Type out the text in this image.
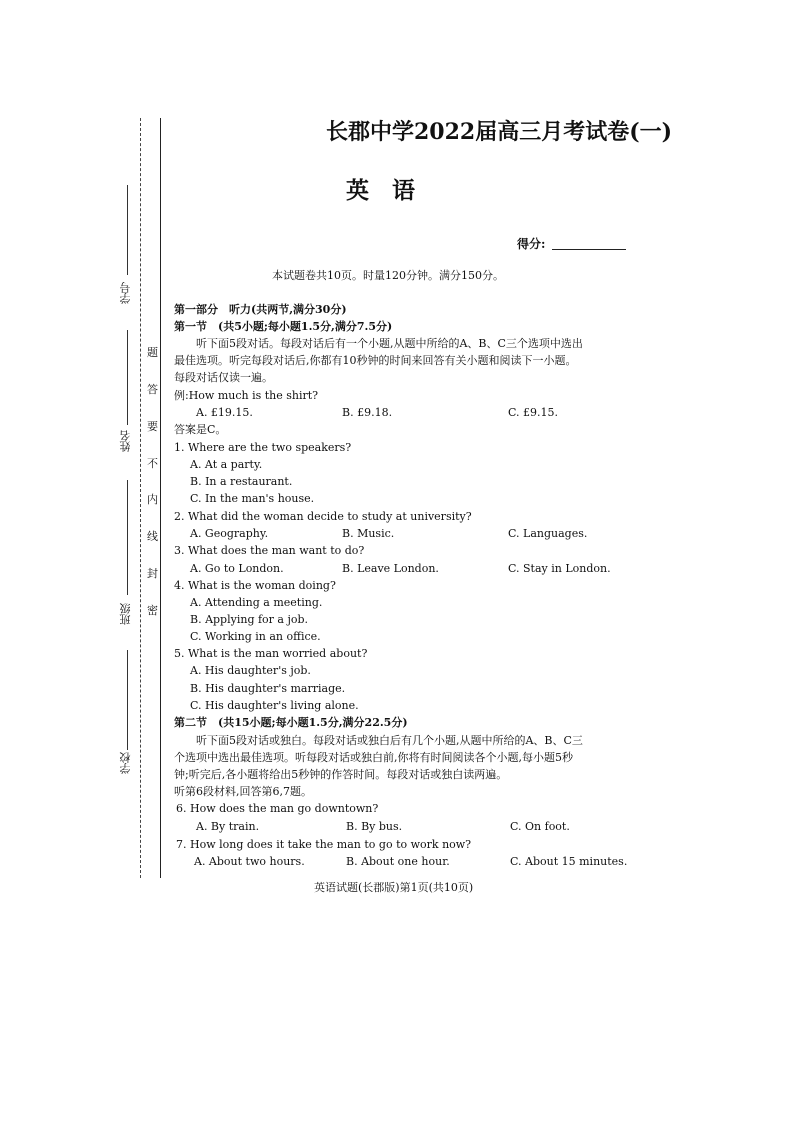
学号
姓名
班级
学校
密
封
线
内
不
要
答
题
长郡中学2022届高三月考试卷(一)
英　语
得分:
本试题卷共10页。时量120分钟。满分150分。
第一部分　听力(共两节,满分30分)
第一节　(共5小题;每小题1.5分,满分7.5分)
听下面5段对话。每段对话后有一个小题,从题中所给的A、B、C三个选项中选出
最佳选项。听完每段对话后,你都有10秒钟的时间来回答有关小题和阅读下一小题。
每段对话仅读一遍。
例:How much is the shirt?
A. £19.15.	B. £9.18.	C. £9.15.
答案是C。
1. Where are the two speakers?
A. At a party.
B. In a restaurant.
C. In the man's house.
2. What did the woman decide to study at university?
A. Geography.	B. Music.	C. Languages.
3. What does the man want to do?
A. Go to London.	B. Leave London.	C. Stay in London.
4. What is the woman doing?
A. Attending a meeting.
B. Applying for a job.
C. Working in an office.
5. What is the man worried about?
A. His daughter's job.
B. His daughter's marriage.
C. His daughter's living alone.
第二节　(共15小题;每小题1.5分,满分22.5分)
听下面5段对话或独白。每段对话或独白后有几个小题,从题中所给的A、B、C三
个选项中选出最佳选项。听每段对话或独白前,你将有时间阅读各个小题,每小题5秒
钟;听完后,各小题将给出5秒钟的作答时间。每段对话或独白读两遍。
听第6段材料,回答第6,7题。
6. How does the man go downtown?
A. By train.	B. By bus.	C. On foot.
7. How long does it take the man to go to work now?
A. About two hours.	B. About one hour.	C. About 15 minutes.
英语试题(长郡版)第1页(共10页)
